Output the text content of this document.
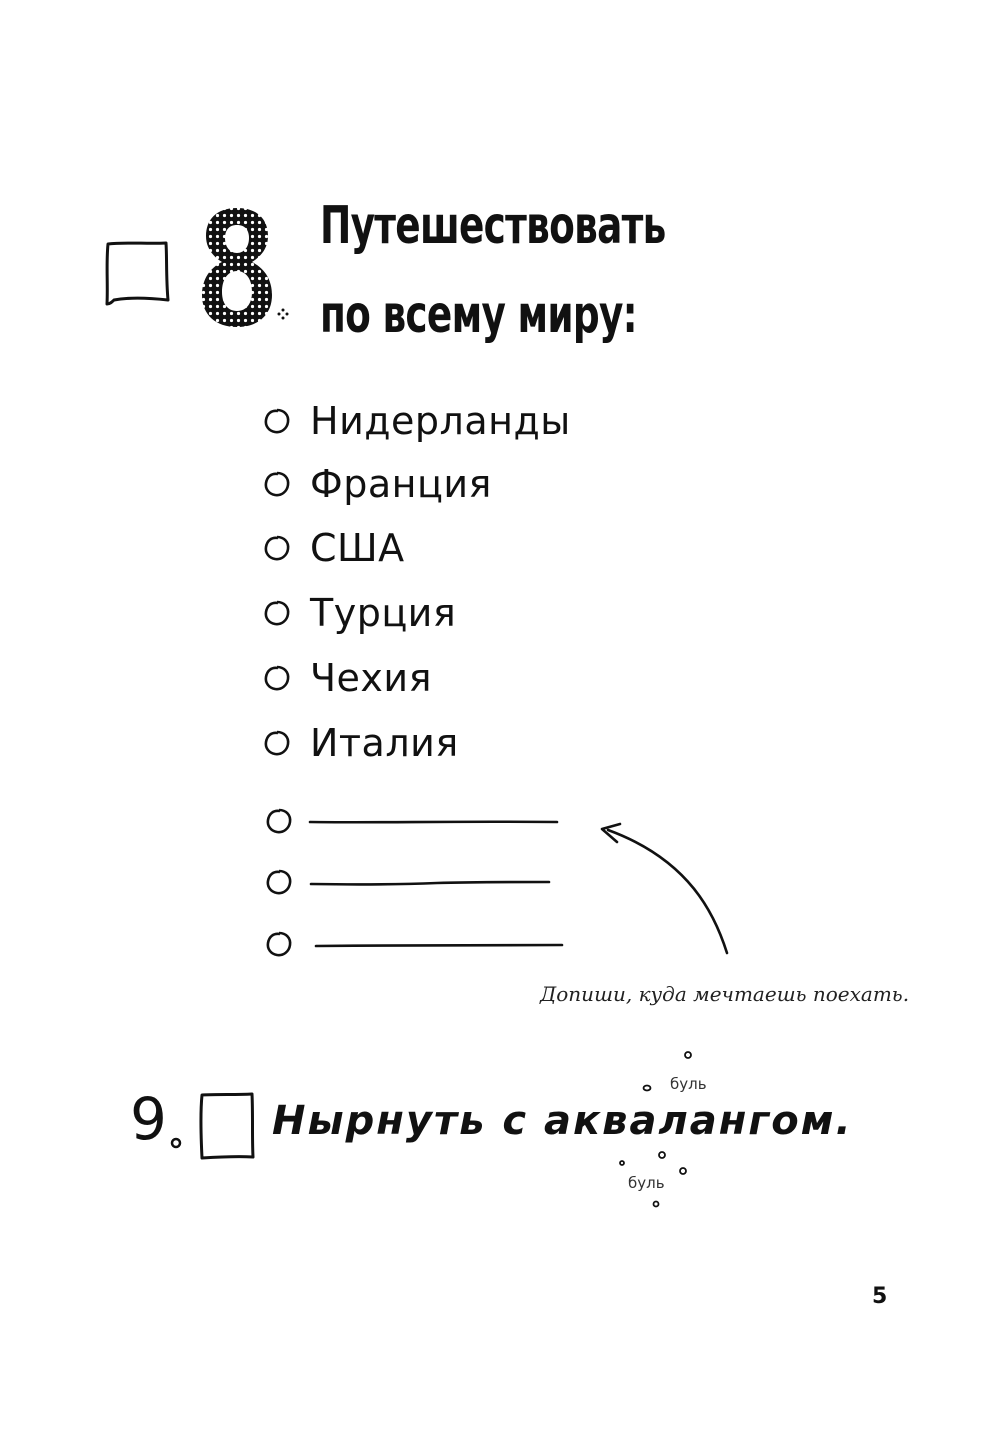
Путешествовать
по всему миру:
Нидерланды
Франция
США
Турция
Чехия
Италия
Допиши, куда мечтаешь поехать.
9	Нырнуть с аквалангом.
буль
буль
5
